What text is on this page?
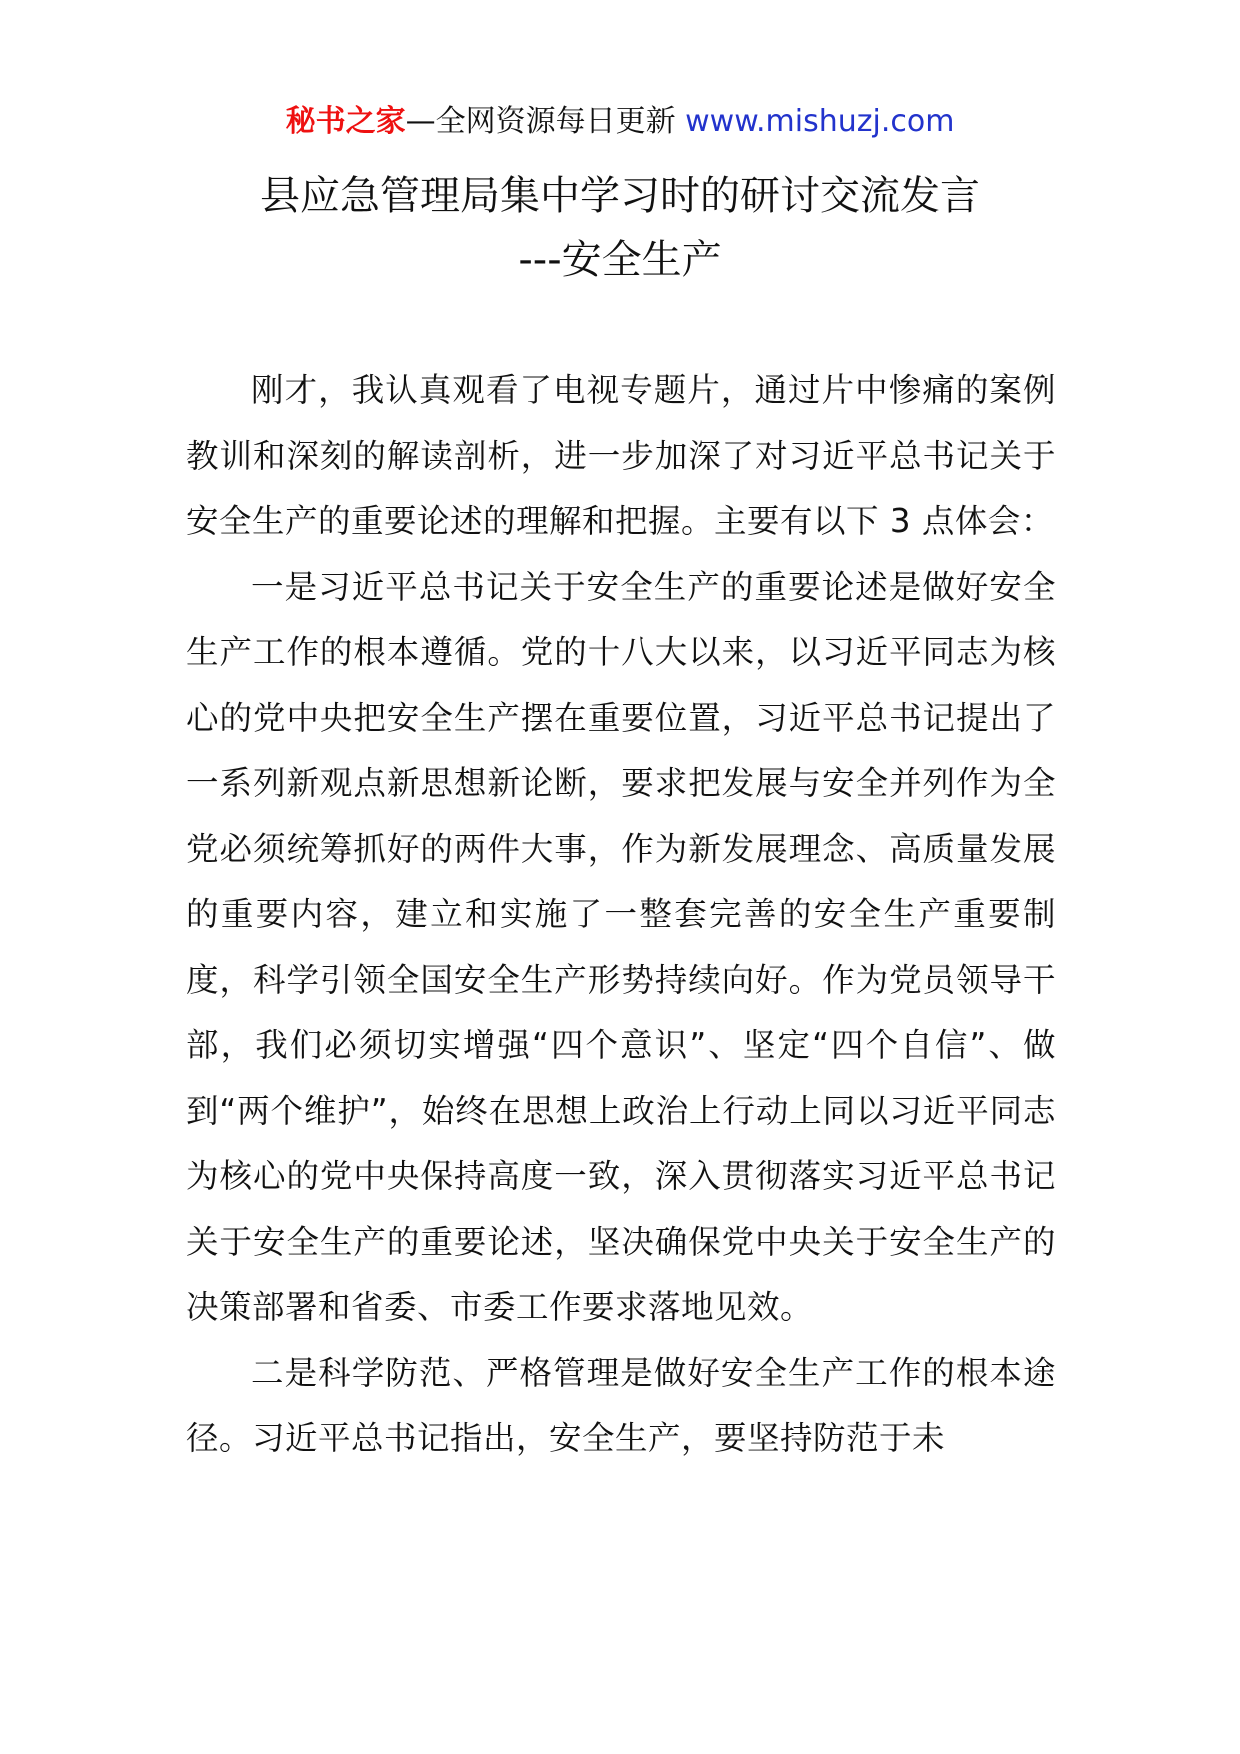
秘书之家—全网资源每日更新 www.mishuzj.com
县应急管理局集中学习时的研讨交流发言
---安全生产

刚才，我认真观看了电视专题片，通过片中惨痛的案例教训和深刻的解读剖析，进一步加深了对习近平总书记关于安全生产的重要论述的理解和把握。主要有以下 3 点体会：

一是习近平总书记关于安全生产的重要论述是做好安全生产工作的根本遵循。党的十八大以来，以习近平同志为核心的党中央把安全生产摆在重要位置，习近平总书记提出了一系列新观点新思想新论断，要求把发展与安全并列作为全党必须统筹抓好的两件大事，作为新发展理念、高质量发展的重要内容，建立和实施了一整套完善的安全生产重要制度，科学引领全国安全生产形势持续向好。作为党员领导干部，我们必须切实增强“四个意识”、坚定“四个自信”、做到“两个维护”，始终在思想上政治上行动上同以习近平同志为核心的党中央保持高度一致，深入贯彻落实习近平总书记关于安全生产的重要论述，坚决确保党中央关于安全生产的决策部署和省委、市委工作要求落地见效。

二是科学防范、严格管理是做好安全生产工作的根本途径。习近平总书记指出，安全生产，要坚持防范于未
